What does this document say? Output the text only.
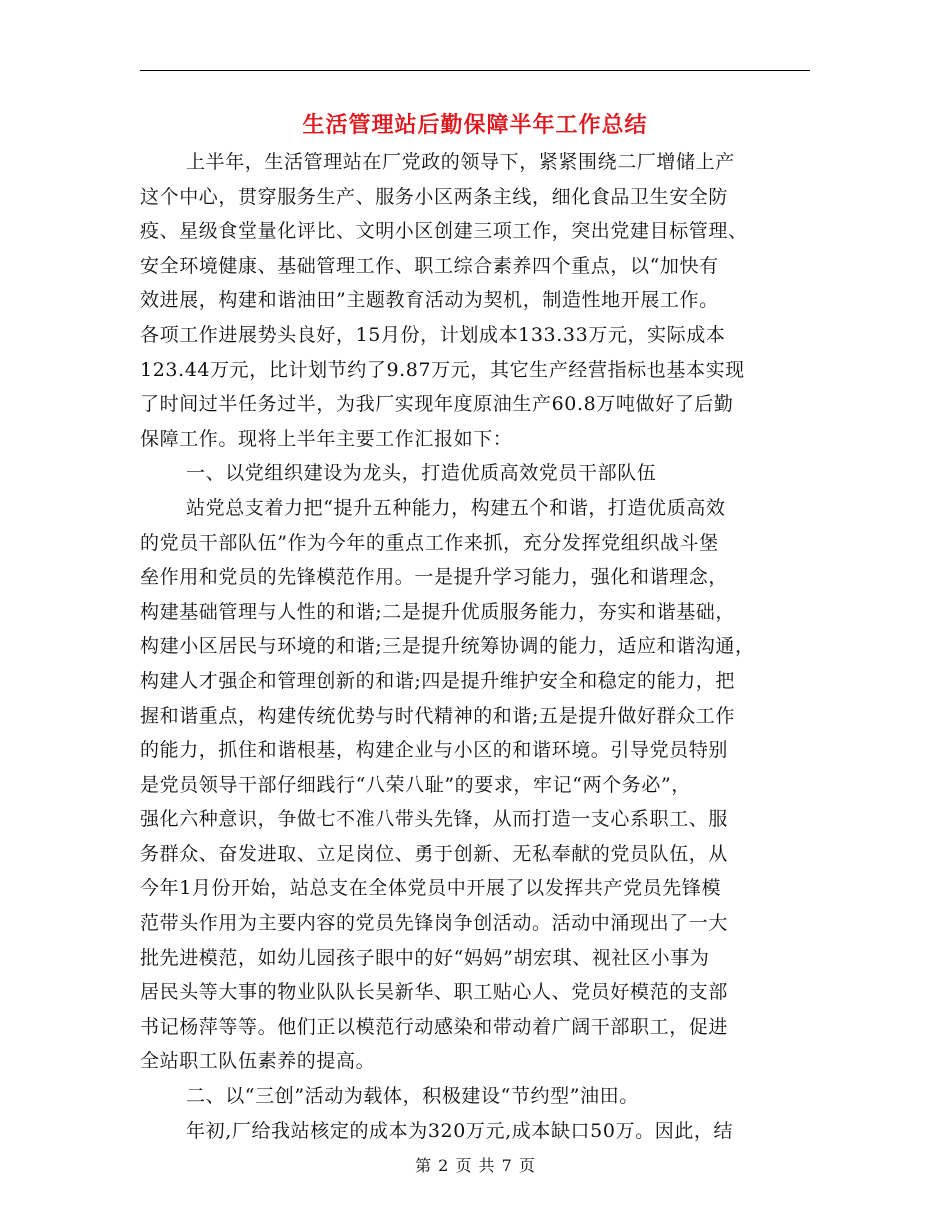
生活管理站后勤保障半年工作总结
上半年，生活管理站在厂党政的领导下，紧紧围绕二厂增储上产
这个中心，贯穿服务生产、服务小区两条主线，细化食品卫生安全防
疫、星级食堂量化评比、文明小区创建三项工作，突出党建目标管理、
安全环境健康、基础管理工作、职工综合素养四个重点，以“加快有
效进展，构建和谐油田”主题教育活动为契机，制造性地开展工作。
各项工作进展势头良好，15月份，计划成本133.33万元，实际成本
123.44万元，比计划节约了9.87万元，其它生产经营指标也基本实现
了时间过半任务过半，为我厂实现年度原油生产60.8万吨做好了后勤
保障工作。现将上半年主要工作汇报如下：
一、以党组织建设为龙头，打造优质高效党员干部队伍
站党总支着力把“提升五种能力，构建五个和谐，打造优质高效
的党员干部队伍”作为今年的重点工作来抓，充分发挥党组织战斗堡
垒作用和党员的先锋模范作用。一是提升学习能力，强化和谐理念，
构建基础管理与人性的和谐;二是提升优质服务能力，夯实和谐基础，
构建小区居民与环境的和谐;三是提升统筹协调的能力，适应和谐沟通，
构建人才强企和管理创新的和谐;四是提升维护安全和稳定的能力，把
握和谐重点，构建传统优势与时代精神的和谐;五是提升做好群众工作
的能力，抓住和谐根基，构建企业与小区的和谐环境。引导党员特别
是党员领导干部仔细践行“八荣八耻”的要求，牢记“两个务必”，
强化六种意识，争做七不准八带头先锋，从而打造一支心系职工、服
务群众、奋发进取、立足岗位、勇于创新、无私奉献的党员队伍，从
今年1月份开始，站总支在全体党员中开展了以发挥共产党员先锋模
范带头作用为主要内容的党员先锋岗争创活动。活动中涌现出了一大
批先进模范，如幼儿园孩子眼中的好“妈妈”胡宏琪、视社区小事为
居民头等大事的物业队队长吴新华、职工贴心人、党员好模范的支部
书记杨萍等等。他们正以模范行动感染和带动着广阔干部职工，促进
全站职工队伍素养的提高。
二、以“三创”活动为载体，积极建设“节约型”油田。
年初,厂给我站核定的成本为320万元,成本缺口50万。因此，结
第 2 页 共 7 页
